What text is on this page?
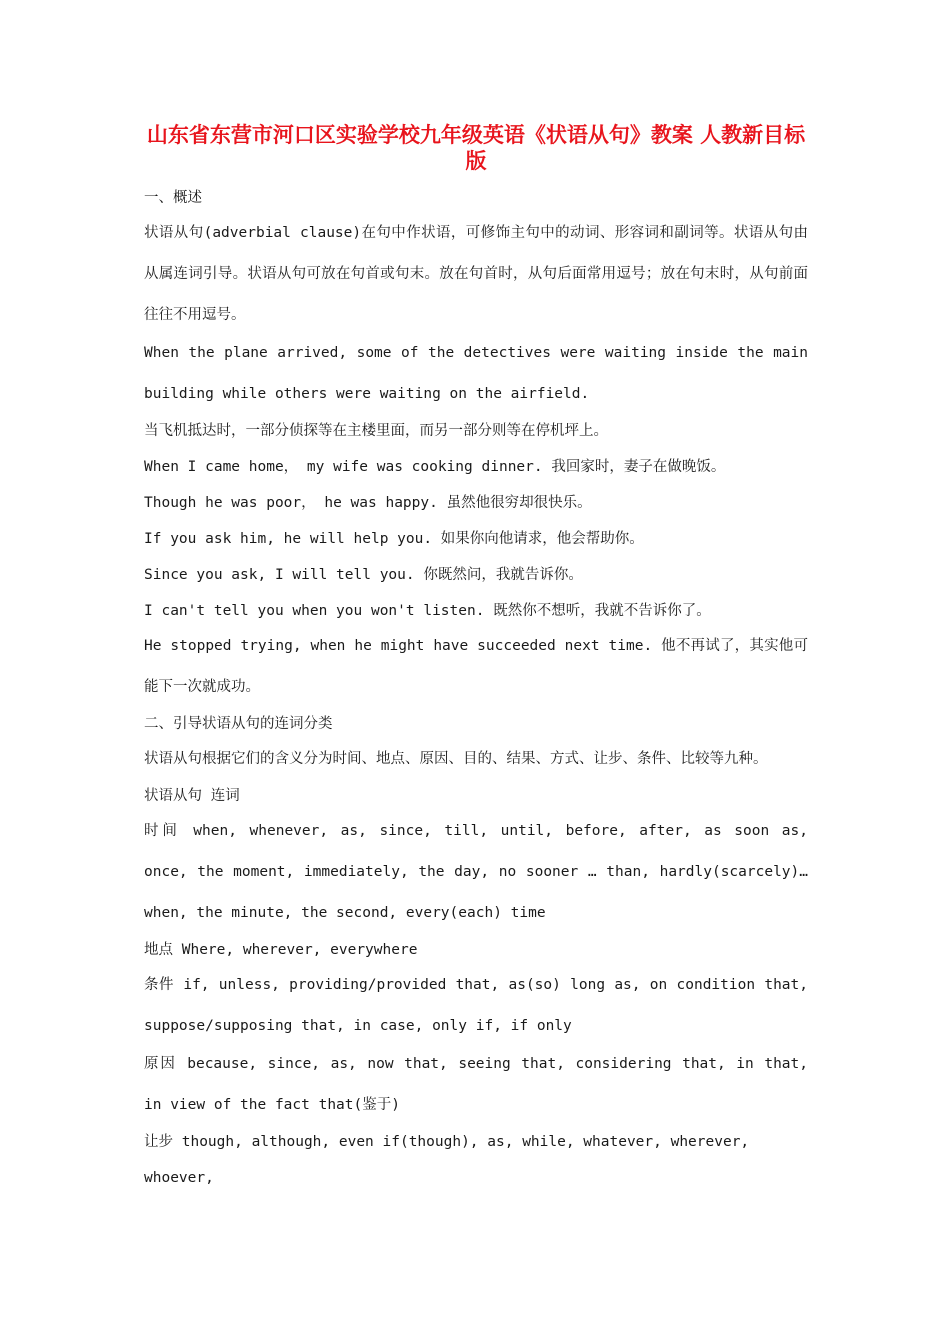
山东省东营市河口区实验学校九年级英语《状语从句》教案 人教新目标版

一、概述

状语从句(adverbial clause)在句中作状语，可修饰主句中的动词、形容词和副词等。状语从句由从属连词引导。状语从句可放在句首或句末。放在句首时，从句后面常用逗号；放在句末时，从句前面往往不用逗号。

When the plane arrived, some of the detectives were waiting inside the main building while others were waiting on the airfield.

当飞机抵达时，一部分侦探等在主楼里面，而另一部分则等在停机坪上。

When I came home， my wife was cooking dinner. 我回家时，妻子在做晚饭。

Though he was poor， he was happy. 虽然他很穷却很快乐。

If you ask him, he will help you. 如果你向他请求，他会帮助你。

Since you ask, I will tell you. 你既然问，我就告诉你。

I can't tell you when you won't listen. 既然你不想听，我就不告诉你了。

He stopped trying, when he might have succeeded next time. 他不再试了，其实他可能下一次就成功。

二、引导状语从句的连词分类

状语从句根据它们的含义分为时间、地点、原因、目的、结果、方式、让步、条件、比较等九种。

状语从句 连词

时间 when, whenever, as, since, till, until, before, after, as soon as, once, the moment, immediately, the day, no sooner … than, hardly(scarcely)… when, the minute, the second, every(each) time

地点 Where, wherever, everywhere

条件 if, unless, providing/provided that, as(so) long as, on condition that, suppose/supposing that, in case, only if, if only

原因 because, since, as, now that, seeing that, considering that, in that, in view of the fact that(鉴于)

让步 though, although, even if(though), as, while, whatever, wherever, whoever,
